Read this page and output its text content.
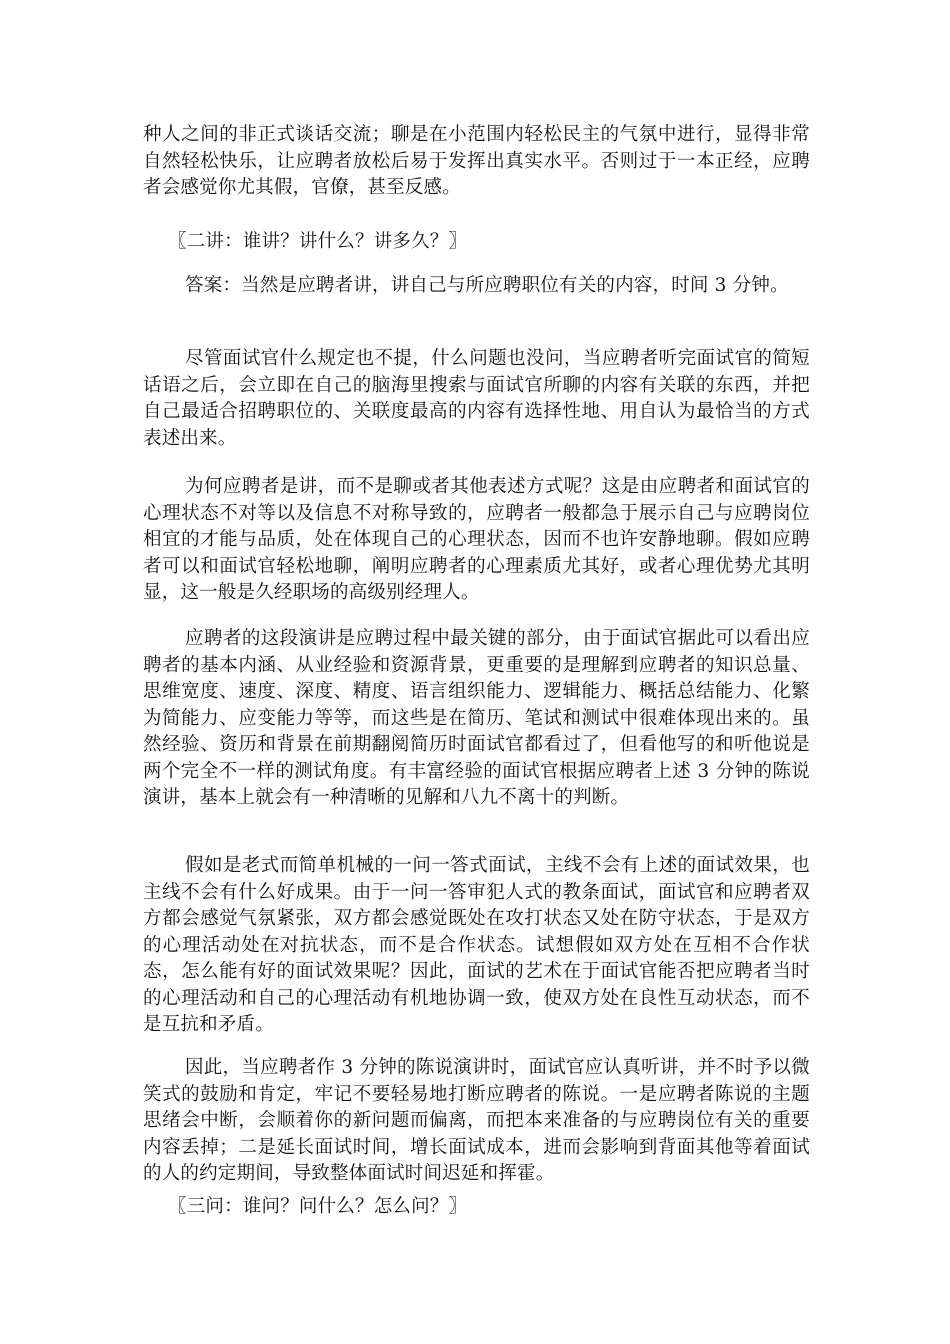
种人之间的非正式谈话交流；聊是在小范围内轻松民主的气氛中进行，显得非常自然轻松快乐，让应聘者放松后易于发挥出真实水平。否则过于一本正经，应聘者会感觉你尤其假，官僚，甚至反感。

〖二讲：谁讲？讲什么？讲多久？〗

答案：当然是应聘者讲，讲自己与所应聘职位有关的内容，时间 3 分钟。

尽管面试官什么规定也不提，什么问题也没问，当应聘者听完面试官的简短话语之后，会立即在自己的脑海里搜索与面试官所聊的内容有关联的东西，并把自己最适合招聘职位的、关联度最高的内容有选择性地、用自认为最恰当的方式表述出来。

为何应聘者是讲，而不是聊或者其他表述方式呢？这是由应聘者和面试官的心理状态不对等以及信息不对称导致的，应聘者一般都急于展示自己与应聘岗位相宜的才能与品质，处在体现自己的心理状态，因而不也许安静地聊。假如应聘者可以和面试官轻松地聊，阐明应聘者的心理素质尤其好，或者心理优势尤其明显，这一般是久经职场的高级别经理人。

应聘者的这段演讲是应聘过程中最关键的部分，由于面试官据此可以看出应聘者的基本内涵、从业经验和资源背景，更重要的是理解到应聘者的知识总量、思维宽度、速度、深度、精度、语言组织能力、逻辑能力、概括总结能力、化繁为简能力、应变能力等等，而这些是在简历、笔试和测试中很难体现出来的。虽然经验、资历和背景在前期翻阅简历时面试官都看过了，但看他写的和听他说是两个完全不一样的测试角度。有丰富经验的面试官根据应聘者上述 3 分钟的陈说演讲，基本上就会有一种清晰的见解和八九不离十的判断。

假如是老式而简单机械的一问一答式面试，主线不会有上述的面试效果，也主线不会有什么好成果。由于一问一答审犯人式的教条面试，面试官和应聘者双方都会感觉气氛紧张，双方都会感觉既处在攻打状态又处在防守状态，于是双方的心理活动处在对抗状态，而不是合作状态。试想假如双方处在互相不合作状态，怎么能有好的面试效果呢？因此，面试的艺术在于面试官能否把应聘者当时的心理活动和自己的心理活动有机地协调一致，使双方处在良性互动状态，而不是互抗和矛盾。

因此，当应聘者作 3 分钟的陈说演讲时，面试官应认真听讲，并不时予以微笑式的鼓励和肯定，牢记不要轻易地打断应聘者的陈说。一是应聘者陈说的主题思绪会中断，会顺着你的新问题而偏离，而把本来准备的与应聘岗位有关的重要内容丢掉；二是延长面试时间，增长面试成本，进而会影响到背面其他等着面试的人的约定期间，导致整体面试时间迟延和挥霍。

〖三问：谁问？问什么？怎么问？〗
